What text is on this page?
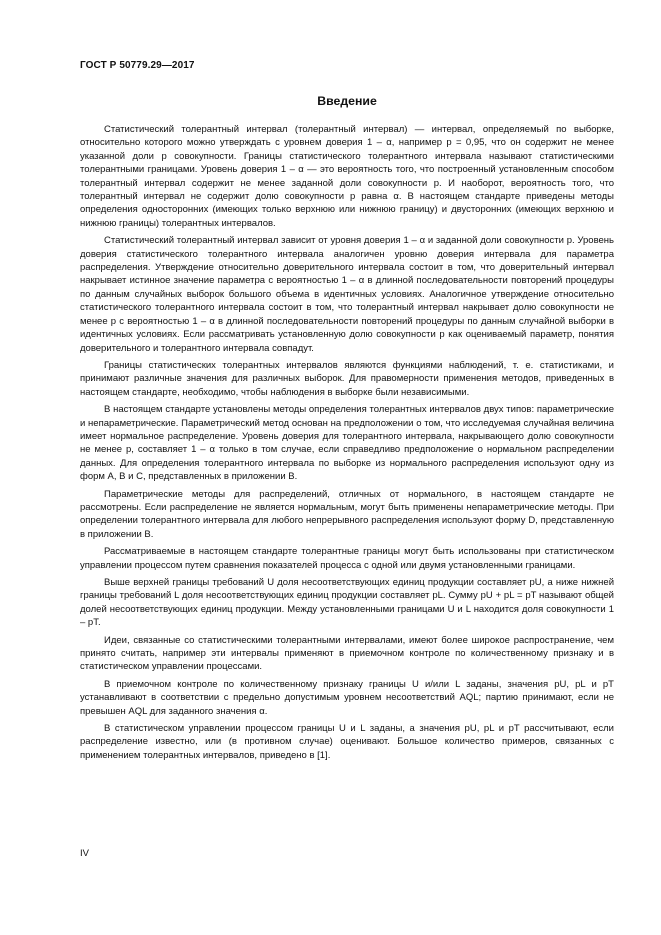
ГОСТ Р 50779.29—2017
Введение

Статистический толерантный интервал (толерантный интервал) — интервал, определяемый по выборке, относительно которого можно утверждать с уровнем доверия 1 – α, например p = 0,95, что он содержит не менее указанной доли p совокупности. Границы статистического толерантного интервала называют статистическими толерантными границами. Уровень доверия 1 – α — это вероятность того, что построенный установленным способом толерантный интервал содержит не менее заданной доли совокупности p. И наоборот, вероятность того, что толерантный интервал не содержит долю совокупности p равна α. В настоящем стандарте приведены методы определения односторонних (имеющих только верхнюю или нижнюю границу) и двусторонних (имеющих верхнюю и нижнюю границы) толерантных интервалов.

Статистический толерантный интервал зависит от уровня доверия 1 – α и заданной доли совокупности p. Уровень доверия статистического толерантного интервала аналогичен уровню доверия интервала для параметра распределения. Утверждение относительно доверительного интервала состоит в том, что доверительный интервал накрывает истинное значение параметра с вероятностью 1 – α в длинной последовательности повторений процедуры по данным случайных выборок большого объема в идентичных условиях. Аналогичное утверждение относительно статистического толерантного интервала состоит в том, что толерантный интервал накрывает долю совокупности не менее p с вероятностью 1 – α в длинной последовательности повторений процедуры по данным случайной выборки в идентичных условиях. Если рассматривать установленную долю совокупности p как оцениваемый параметр, понятия доверительного и толерантного интервала совпадут.

Границы статистических толерантных интервалов являются функциями наблюдений, т. е. статистиками, и принимают различные значения для различных выборок. Для правомерности применения методов, приведенных в настоящем стандарте, необходимо, чтобы наблюдения в выборке были независимыми.

В настоящем стандарте установлены методы определения толерантных интервалов двух типов: параметрические и непараметрические. Параметрический метод основан на предположении о том, что исследуемая случайная величина имеет нормальное распределение. Уровень доверия для толерантного интервала, накрывающего долю совокупности не менее p, составляет 1 – α только в том случае, если справедливо предположение о нормальном распределении данных. Для определения толерантного интервала по выборке из нормального распределения используют одну из форм A, B и C, представленных в приложении B.

Параметрические методы для распределений, отличных от нормального, в настоящем стандарте не рассмотрены. Если распределение не является нормальным, могут быть применены непараметрические методы. При определении толерантного интервала для любого непрерывного распределения используют форму D, представленную в приложении B.

Рассматриваемые в настоящем стандарте толерантные границы могут быть использованы при статистическом управлении процессом путем сравнения показателей процесса с одной или двумя установленными границами.

Выше верхней границы требований U доля несоответствующих единиц продукции составляет pU, а ниже нижней границы требований L доля несоответствующих единиц продукции составляет pL. Сумму pU + pL = pT называют общей долей несоответствующих единиц продукции. Между установленными границами U и L находится доля совокупности 1 – pT.

Идеи, связанные со статистическими толерантными интервалами, имеют более широкое распространение, чем принято считать, например эти интервалы применяют в приемочном контроле по количественному признаку и в статистическом управлении процессами.

В приемочном контроле по количественному признаку границы U и/или L заданы, значения pU, pL и pT устанавливают в соответствии с предельно допустимым уровнем несоответствий AQL; партию принимают, если не превышен AQL для заданного значения α.

В статистическом управлении процессом границы U и L заданы, а значения pU, pL и pT рассчитывают, если распределение известно, или (в противном случае) оценивают. Большое количество примеров, связанных с применением толерантных интервалов, приведено в [1].

IV
